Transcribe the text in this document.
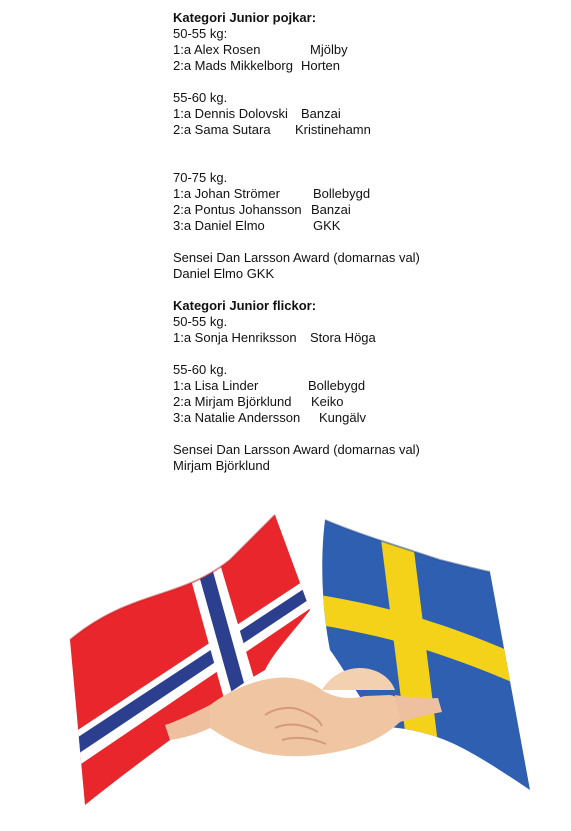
Kategori Junior pojkar:
50-55 kg:
1:a Alex Rosen	Mjölby
2:a Mads Mikkelborg Horten
55-60 kg.
1:a Dennis Dolovski Banzai
2:a Sama Sutara Kristinehamn
70-75 kg.
1:a Johan Strömer	Bollebygd
2:a Pontus Johansson Banzai
3:a Daniel Elmo	GKK
Sensei Dan Larsson Award (domarnas val)
Daniel Elmo GKK
Kategori Junior flickor:
50-55 kg.
1:a Sonja Henriksson Stora Höga
55-60 kg.
1:a Lisa Linder	Bollebygd
2:a Mirjam Björklund Keiko
3:a Natalie Andersson Kungälv
Sensei Dan Larsson Award (domarnas val)
Mirjam Björklund
